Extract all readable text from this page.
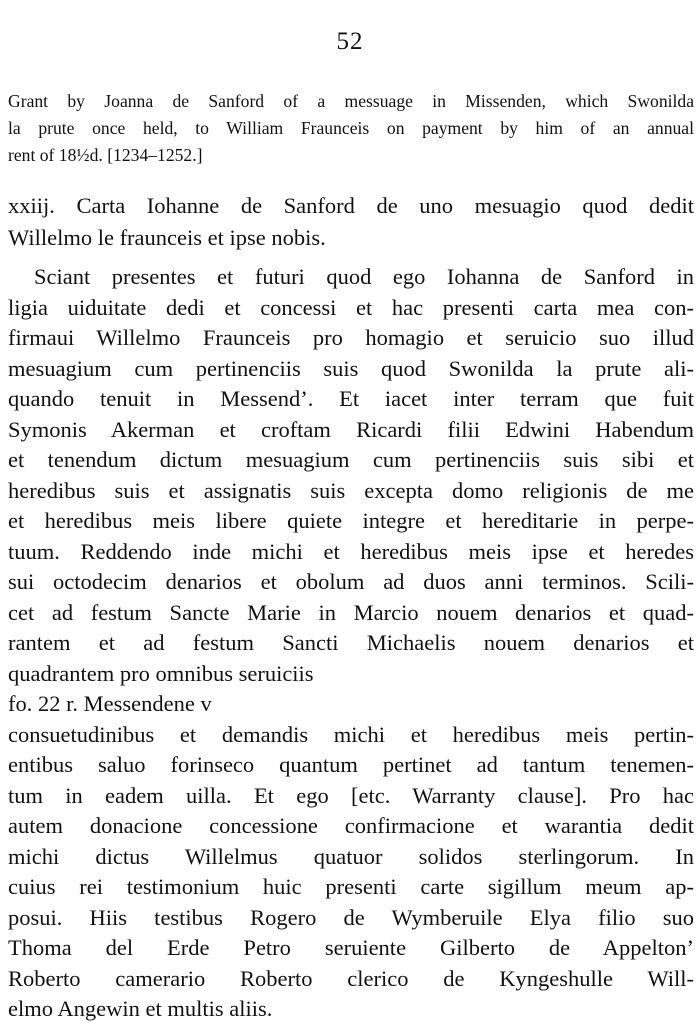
52
Grant by Joanna de Sanford of a messuage in Missenden, which Swonilda
la prute once held, to William Fraunceis on payment by him of an annual
rent of 18½d. [1234–1252.]
xxiij. Carta Iohanne de Sanford de uno mesuagio quod dedit
Willelmo le fraunceis et ipse nobis.
Sciant presentes et futuri quod ego Iohanna de Sanford in
ligia uiduitate dedi et concessi et hac presenti carta mea con-
firmaui Willelmo Fraunceis pro homagio et seruicio suo illud
mesuagium cum pertinenciis suis quod Swonilda la prute ali-
quando tenuit in Messend’. Et iacet inter terram que fuit
Symonis Akerman et croftam Ricardi filii Edwini Habendum
et tenendum dictum mesuagium cum pertinenciis suis sibi et
heredibus suis et assignatis suis excepta domo religionis de me
et heredibus meis libere quiete integre et hereditarie in perpe-
tuum. Reddendo inde michi et heredibus meis ipse et heredes
sui octodecim denarios et obolum ad duos anni terminos. Scili-
cet ad festum Sancte Marie in Marcio nouem denarios et quad-
rantem et ad festum Sancti Michaelis nouem denarios et
quadrantem pro omnibus seruiciis
fo. 22 r. Messendene v
consuetudinibus et demandis michi et heredibus meis pertin-
entibus saluo forinseco quantum pertinet ad tantum tenemen-
tum in eadem uilla. Et ego [etc. Warranty clause]. Pro hac
autem donacione concessione confirmacione et warantia dedit
michi dictus Willelmus quatuor solidos sterlingorum. In
cuius rei testimonium huic presenti carte sigillum meum ap-
posui. Hiis testibus Rogero de Wymberuile Elya filio suo
Thoma del Erde Petro seruiente Gilberto de Appelton’
Roberto camerario Roberto clerico de Kyngeshulle Will-
elmo Angewin et multis aliis.
